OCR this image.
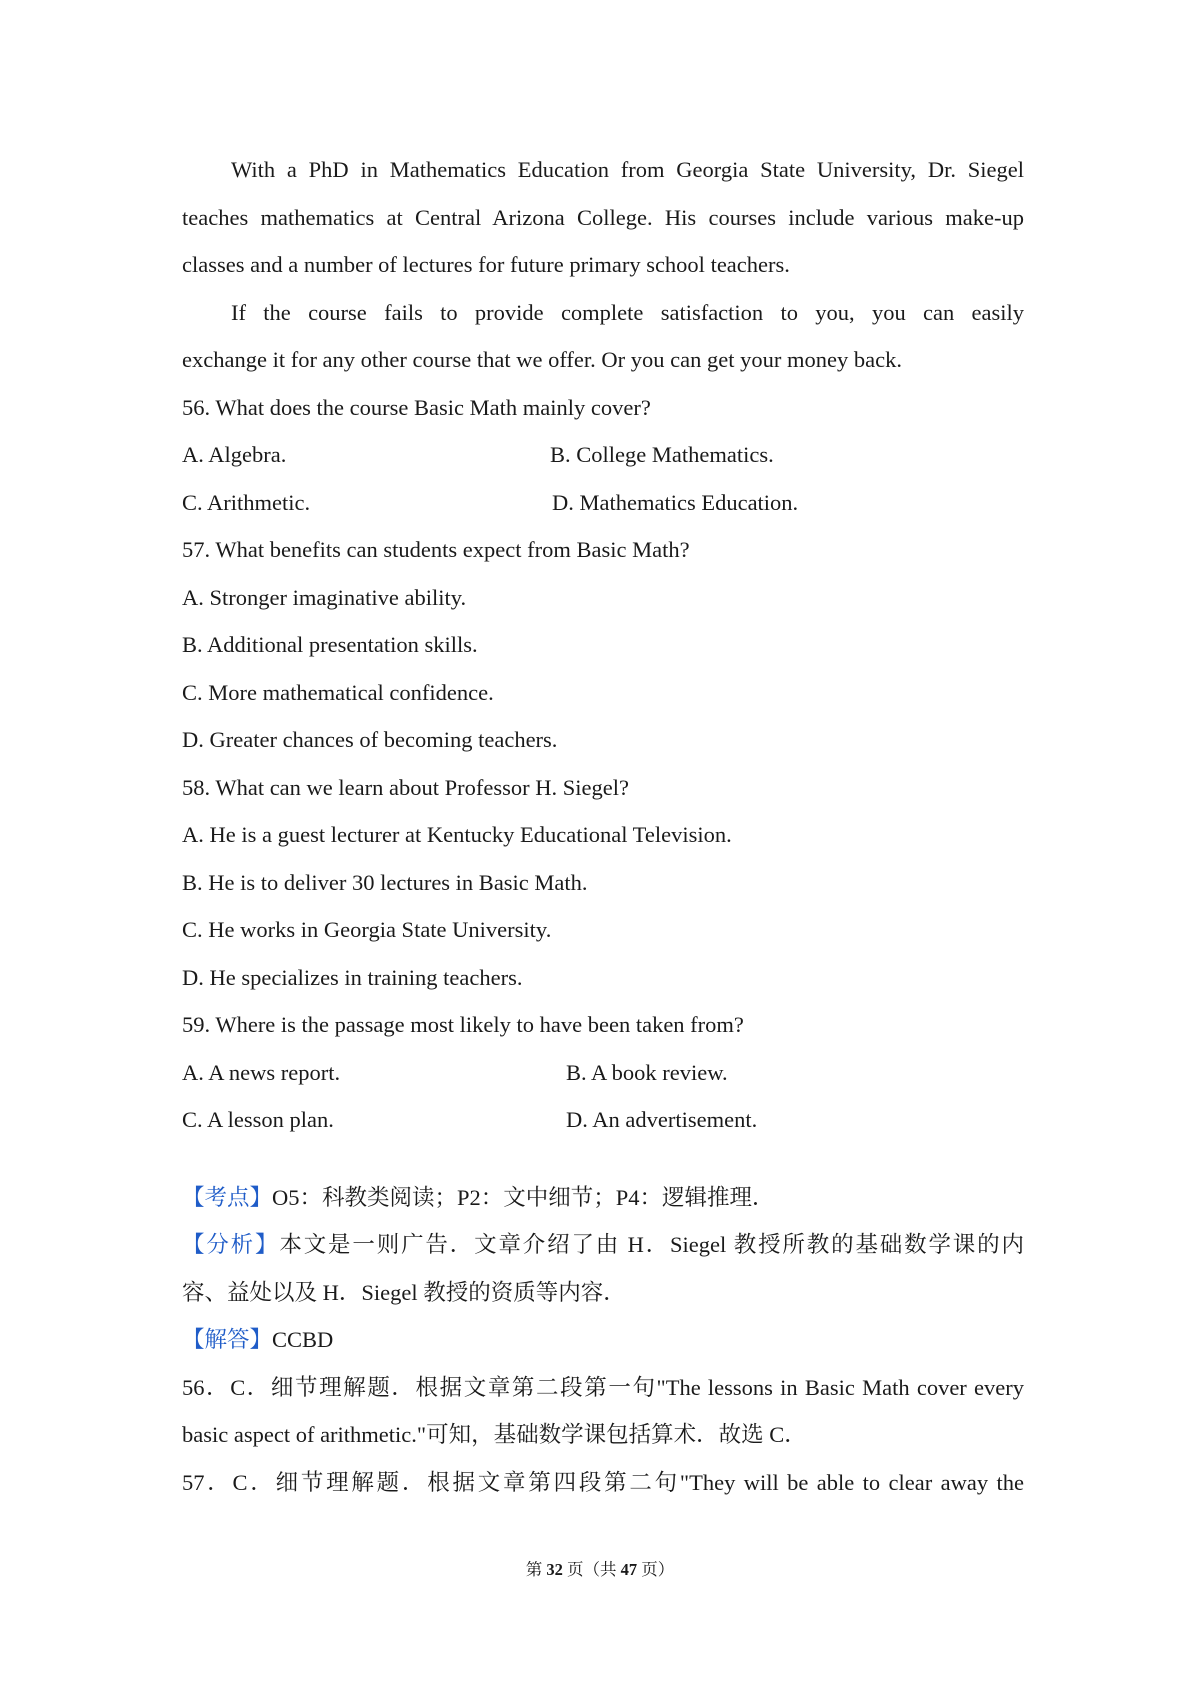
With a PhD in Mathematics Education from Georgia State University, Dr. Siegel
teaches mathematics at Central Arizona College. His courses include various make-up
classes and a number of lectures for future primary school teachers.
If the course fails to provide complete satisfaction to you, you can easily
exchange it for any other course that we offer. Or you can get your money back.
56. What does the course Basic Math mainly cover?
A. Algebra.	B. College Mathematics.
C. Arithmetic.	D. Mathematics Education.
57. What benefits can students expect from Basic Math?
A. Stronger imaginative ability.
B. Additional presentation skills.
C. More mathematical confidence.
D. Greater chances of becoming teachers.
58. What can we learn about Professor H. Siegel?
A. He is a guest lecturer at Kentucky Educational Television.
B. He is to deliver 30 lectures in Basic Math.
C. He works in Georgia State University.
D. He specializes in training teachers.
59. Where is the passage most likely to have been taken from?
A. A news report.	B. A book review.
C. A lesson plan.	D. An advertisement.
【考点】O5：科教类阅读；P2：文中细节；P4：逻辑推理．
【分析】本文是一则广告．文章介绍了由 H．Siegel 教授所教的基础数学课的内
容、益处以及 H．Siegel 教授的资质等内容．
【解答】CCBD
56．C．细节理解题．根据文章第二段第一句"The lessons in Basic Math cover every
basic aspect of arithmetic."可知，基础数学课包括算术．故选 C．
57．C．细节理解题．根据文章第四段第二句"They will be able to clear away the
第 32 页（共 47 页）
